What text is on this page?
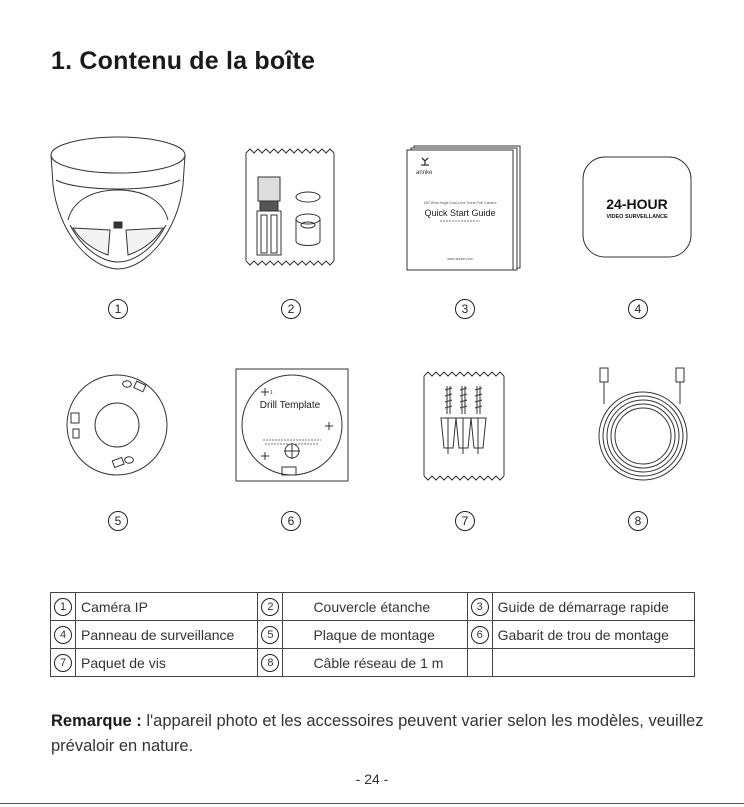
1. Contenu de la boîte
1	2
annke
180°Wide Angle Dual-Lens Turret PoE Camera
Quick Start Guide
www.annke.com
3
24-HOUR
VIDEO SURVEILLANCE
4
5
Drill Template
1
6	7	8
1	Caméra IP	2	Couvercle étanche	3	Guide de démarrage rapide
4	Panneau de surveillance	5	Plaque de montage	6	Gabarit de trou de montage
7	Paquet de vis	8	Câble réseau de 1 m		
Remarque : l'appareil photo et les accessoires peuvent varier selon les modèles, veuillez prévaloir en nature.
- 24 -
